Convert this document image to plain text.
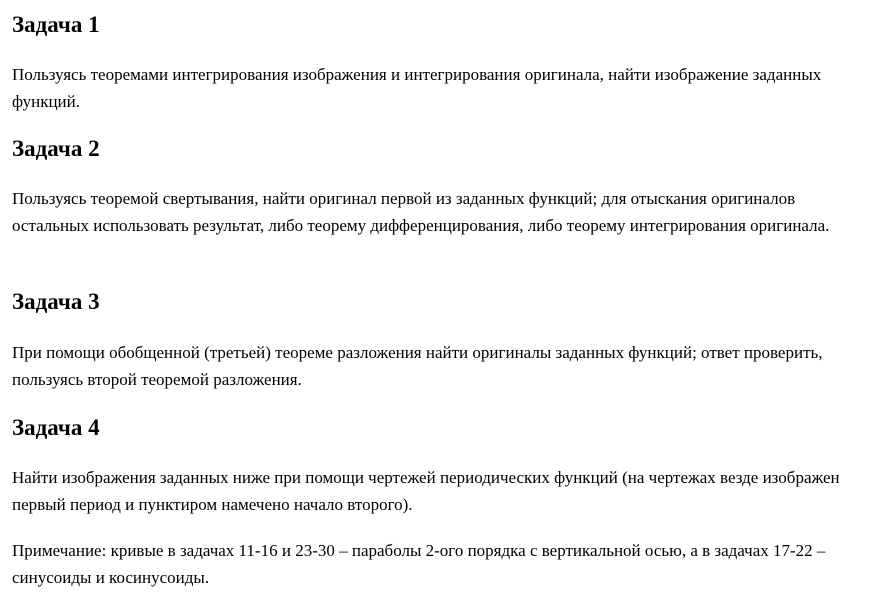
Задача 1

Пользуясь теоремами интегрирования изображения и интегрирования оригинала, найти изображение заданных функций.

Задача 2

Пользуясь теоремой свертывания, найти оригинал первой из заданных функций; для отыскания оригиналов остальных использовать результат, либо теорему дифференцирования, либо теорему интегрирования оригинала.

Задача 3

При помощи обобщенной (третьей) теореме разложения найти оригиналы заданных функций; ответ проверить, пользуясь второй теоремой разложения.

Задача 4

Найти изображения заданных ниже при помощи чертежей периодических функций (на чертежах везде изображен первый период и пунктиром намечено начало второго).

Примечание: кривые в задачах 11-16 и 23-30 – параболы 2-ого порядка с вертикальной осью, а в задачах 17-22 – синусоиды и косинусоиды.
